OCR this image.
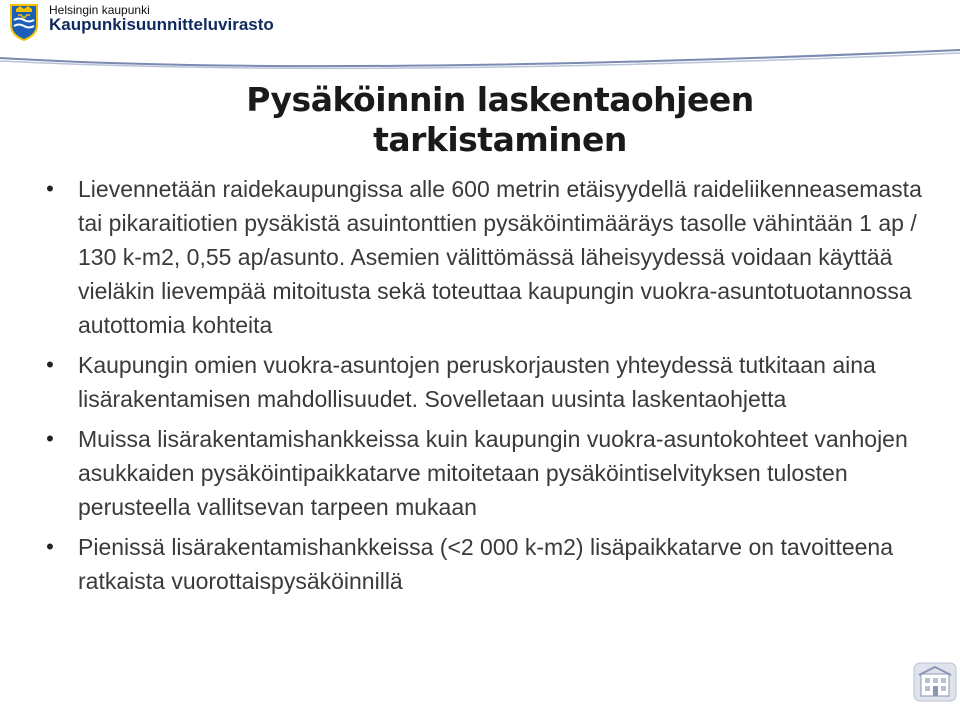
Helsingin kaupunki
Kaupunkisuunnitteluvirasto
Pysäköinnin laskentaohjeen
tarkistaminen
• Lievennetään raidekaupungissa alle 600 metrin etäisyydellä raideliikenneasemasta tai pikaraitiotien pysäkistä asuintonttien pysäköintimääräys tasolle vähintään 1 ap / 130 k-m2, 0,55 ap/asunto. Asemien välittömässä läheisyydessä voidaan käyttää vieläkin lievempää mitoitusta sekä toteuttaa kaupungin vuokra-asuntotuotannossa autottomia kohteita
• Kaupungin omien vuokra-asuntojen peruskorjausten yhteydessä tutkitaan aina lisärakentamisen mahdollisuudet. Sovelletaan uusinta laskentaohjetta
• Muissa lisärakentamishankkeissa kuin kaupungin vuokra-asuntokohteet vanhojen asukkaiden pysäköintipaikkatarve mitoitetaan pysäköintiselvityksen tulosten perusteella vallitsevan tarpeen mukaan
• Pienissä lisärakentamishankkeissa (<2 000 k-m2) lisäpaikkatarve on tavoitteena ratkaista vuorottaispysäköinnillä
